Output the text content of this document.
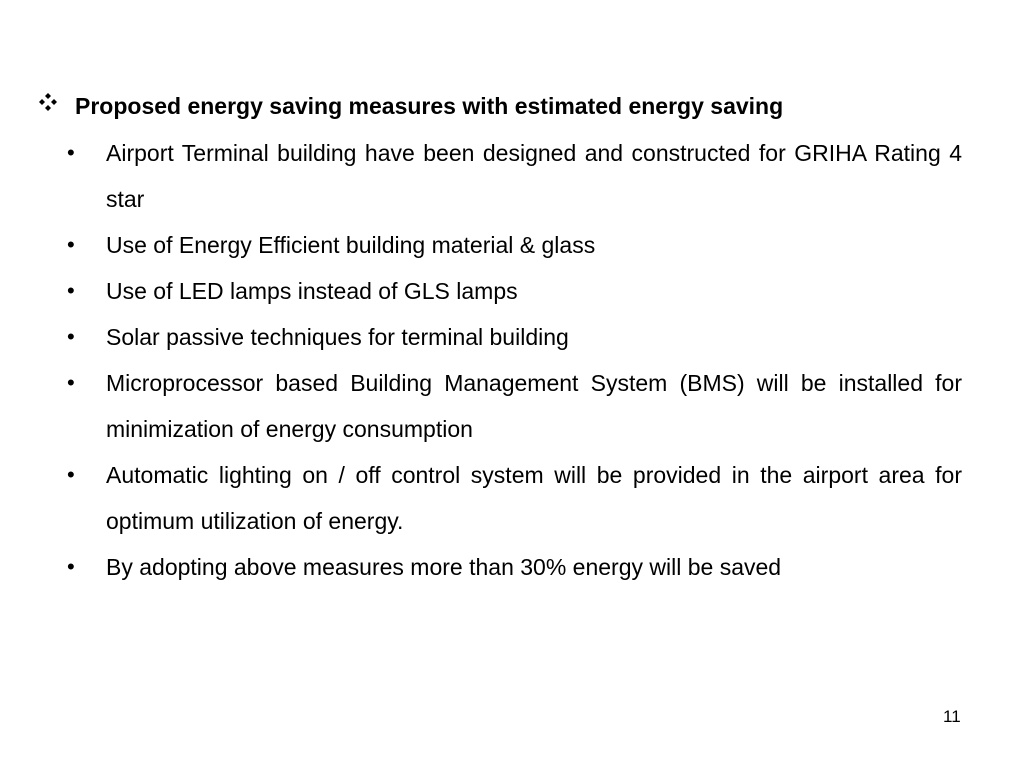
Proposed energy saving measures with estimated energy saving
•	Airport Terminal building have been designed and constructed for GRIHA Rating 4 star
•	Use of Energy Efficient building material & glass
•	Use of LED lamps instead of GLS lamps
•	Solar passive techniques for terminal building
•	Microprocessor based Building Management System (BMS) will be installed for minimization of energy consumption
•	Automatic lighting on / off control system will be provided in the airport area for optimum utilization of energy.
•	By adopting above measures more than 30% energy will be saved
11
